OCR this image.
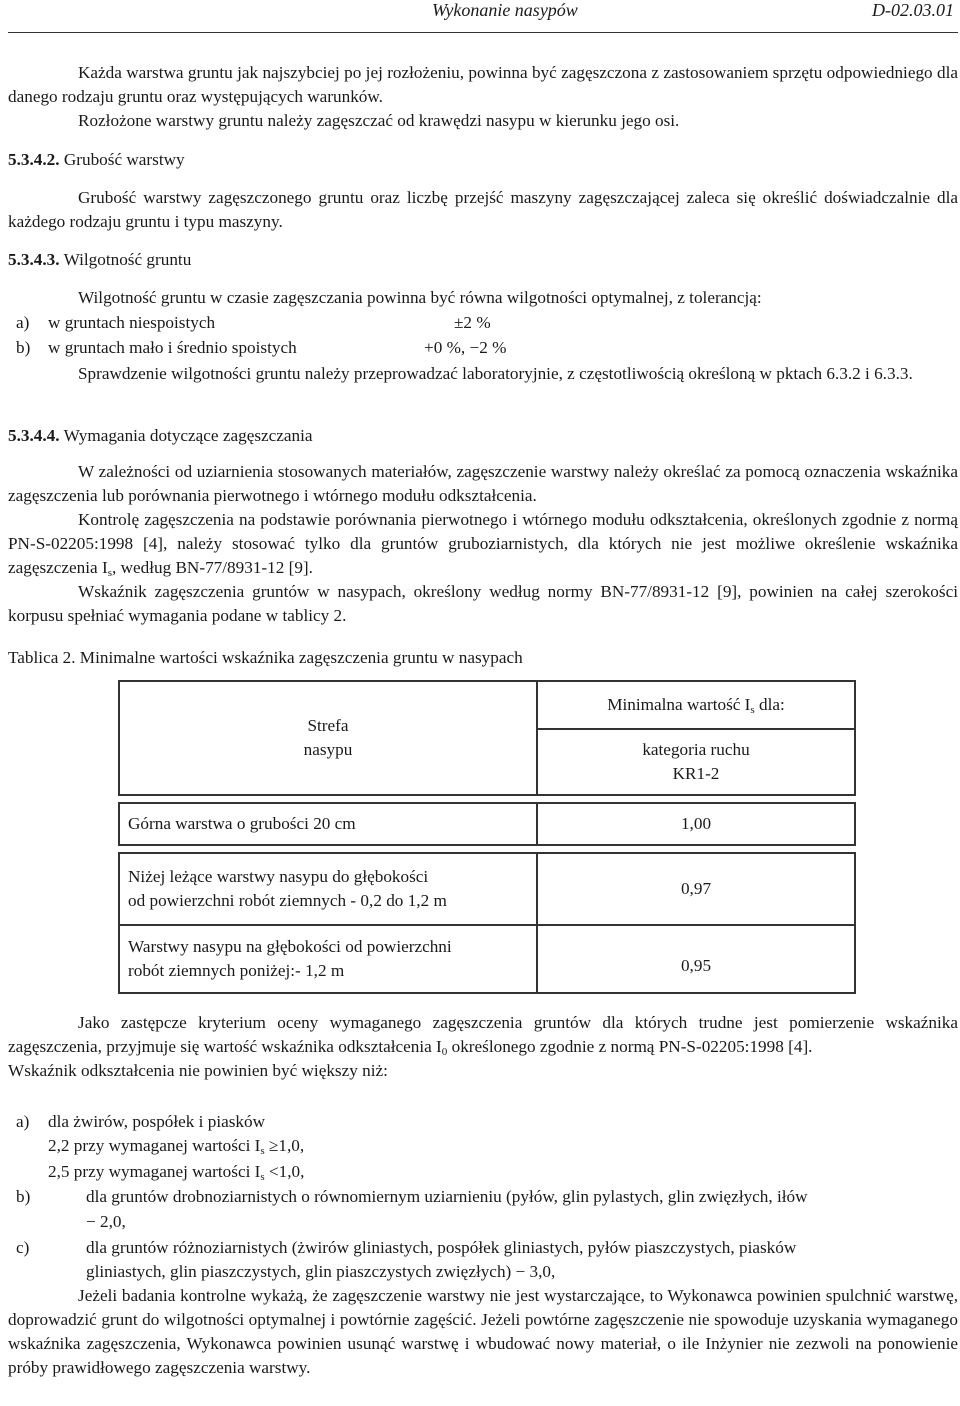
Wykonanie nasypów	D-02.03.01

Każda warstwa gruntu jak najszybciej po jej rozłożeniu, powinna być zagęszczona z zastosowaniem sprzętu odpowiedniego dla danego rodzaju gruntu oraz występujących warunków.

Rozłożone warstwy gruntu należy zagęszczać od krawędzi nasypu w kierunku jego osi.

5.3.4.2. Grubość warstwy

Grubość warstwy zagęszczonego gruntu oraz liczbę przejść maszyny zagęszczającej zaleca się określić doświadczalnie dla każdego rodzaju gruntu i typu maszyny.

5.3.4.3. Wilgotność gruntu

Wilgotność gruntu w czasie zagęszczania powinna być równa wilgotności optymalnej, z tolerancją:

a) w gruntach niespoistych	±2 %
b) w gruntach mało i średnio spoistych	+0 %, −2 %

Sprawdzenie wilgotności gruntu należy przeprowadzać laboratoryjnie, z częstotliwością określoną w pktach 6.3.2 i 6.3.3.

5.3.4.4. Wymagania dotyczące zagęszczania

W zależności od uziarnienia stosowanych materiałów, zagęszczenie warstwy należy określać za pomocą oznaczenia wskaźnika zagęszczenia lub porównania pierwotnego i wtórnego modułu odkształcenia.

Kontrolę zagęszczenia na podstawie porównania pierwotnego i wtórnego modułu odkształcenia, określonych zgodnie z normą PN-S-02205:1998 [4], należy stosować tylko dla gruntów gruboziarnistych, dla których nie jest możliwe określenie wskaźnika zagęszczenia $I_s$, według BN-77/8931-12 [9].

Wskaźnik zagęszczenia gruntów w nasypach, określony według normy BN-77/8931-12 [9], powinien na całej szerokości korpusu spełniać wymagania podane w tablicy 2.

Tablica 2. Minimalne wartości wskaźnika zagęszczenia gruntu w nasypach
Strefa
nasypu	Minimalna wartość $I_s$ dla:

	kategoria ruchu
KR1-2

Górna warstwa o grubości 20 cm	1,00

Niżej leżące warstwy nasypu do głębokości
od powierzchni robót ziemnych - 0,2 do 1,2 m	0,97

Warstwy nasypu na głębokości od powierzchni
robót ziemnych poniżej:- 1,2 m	0,95

Jako zastępcze kryterium oceny wymaganego zagęszczenia gruntów dla których trudne jest pomierzenie wskaźnika zagęszczenia, przyjmuje się wartość wskaźnika odkształcenia $I_0$ określonego zgodnie z normą PN-S-02205:1998 [4].

Wskaźnik odkształcenia nie powinien być większy niż:

a) dla żwirów, pospółek i piasków
2,2 przy wymaganej wartości $I_s \ge 1,0$,
2,5 przy wymaganej wartości $I_s <1,0$,
b)	dla gruntów drobnoziarnistych o równomiernym uziarnieniu (pyłów, glin pylastych, glin zwięzłych, iłów
− 2,0,
c)	dla gruntów różnoziarnistych (żwirów gliniastych, pospółek gliniastych, pyłów piaszczystych, piasków
gliniastych, glin piaszczystych, glin piaszczystych zwięzłych) − 3,0,

Jeżeli badania kontrolne wykażą, że zagęszczenie warstwy nie jest wystarczające, to Wykonawca powinien spulchnić warstwę, doprowadzić grunt do wilgotności optymalnej i powtórnie zagęścić. Jeżeli powtórne zagęszczenie nie spowoduje uzyskania wymaganego wskaźnika zagęszczenia, Wykonawca powinien usunąć warstwę i wbudować nowy materiał, o ile Inżynier nie zezwoli na ponowienie próby prawidłowego zagęszczenia warstwy.
